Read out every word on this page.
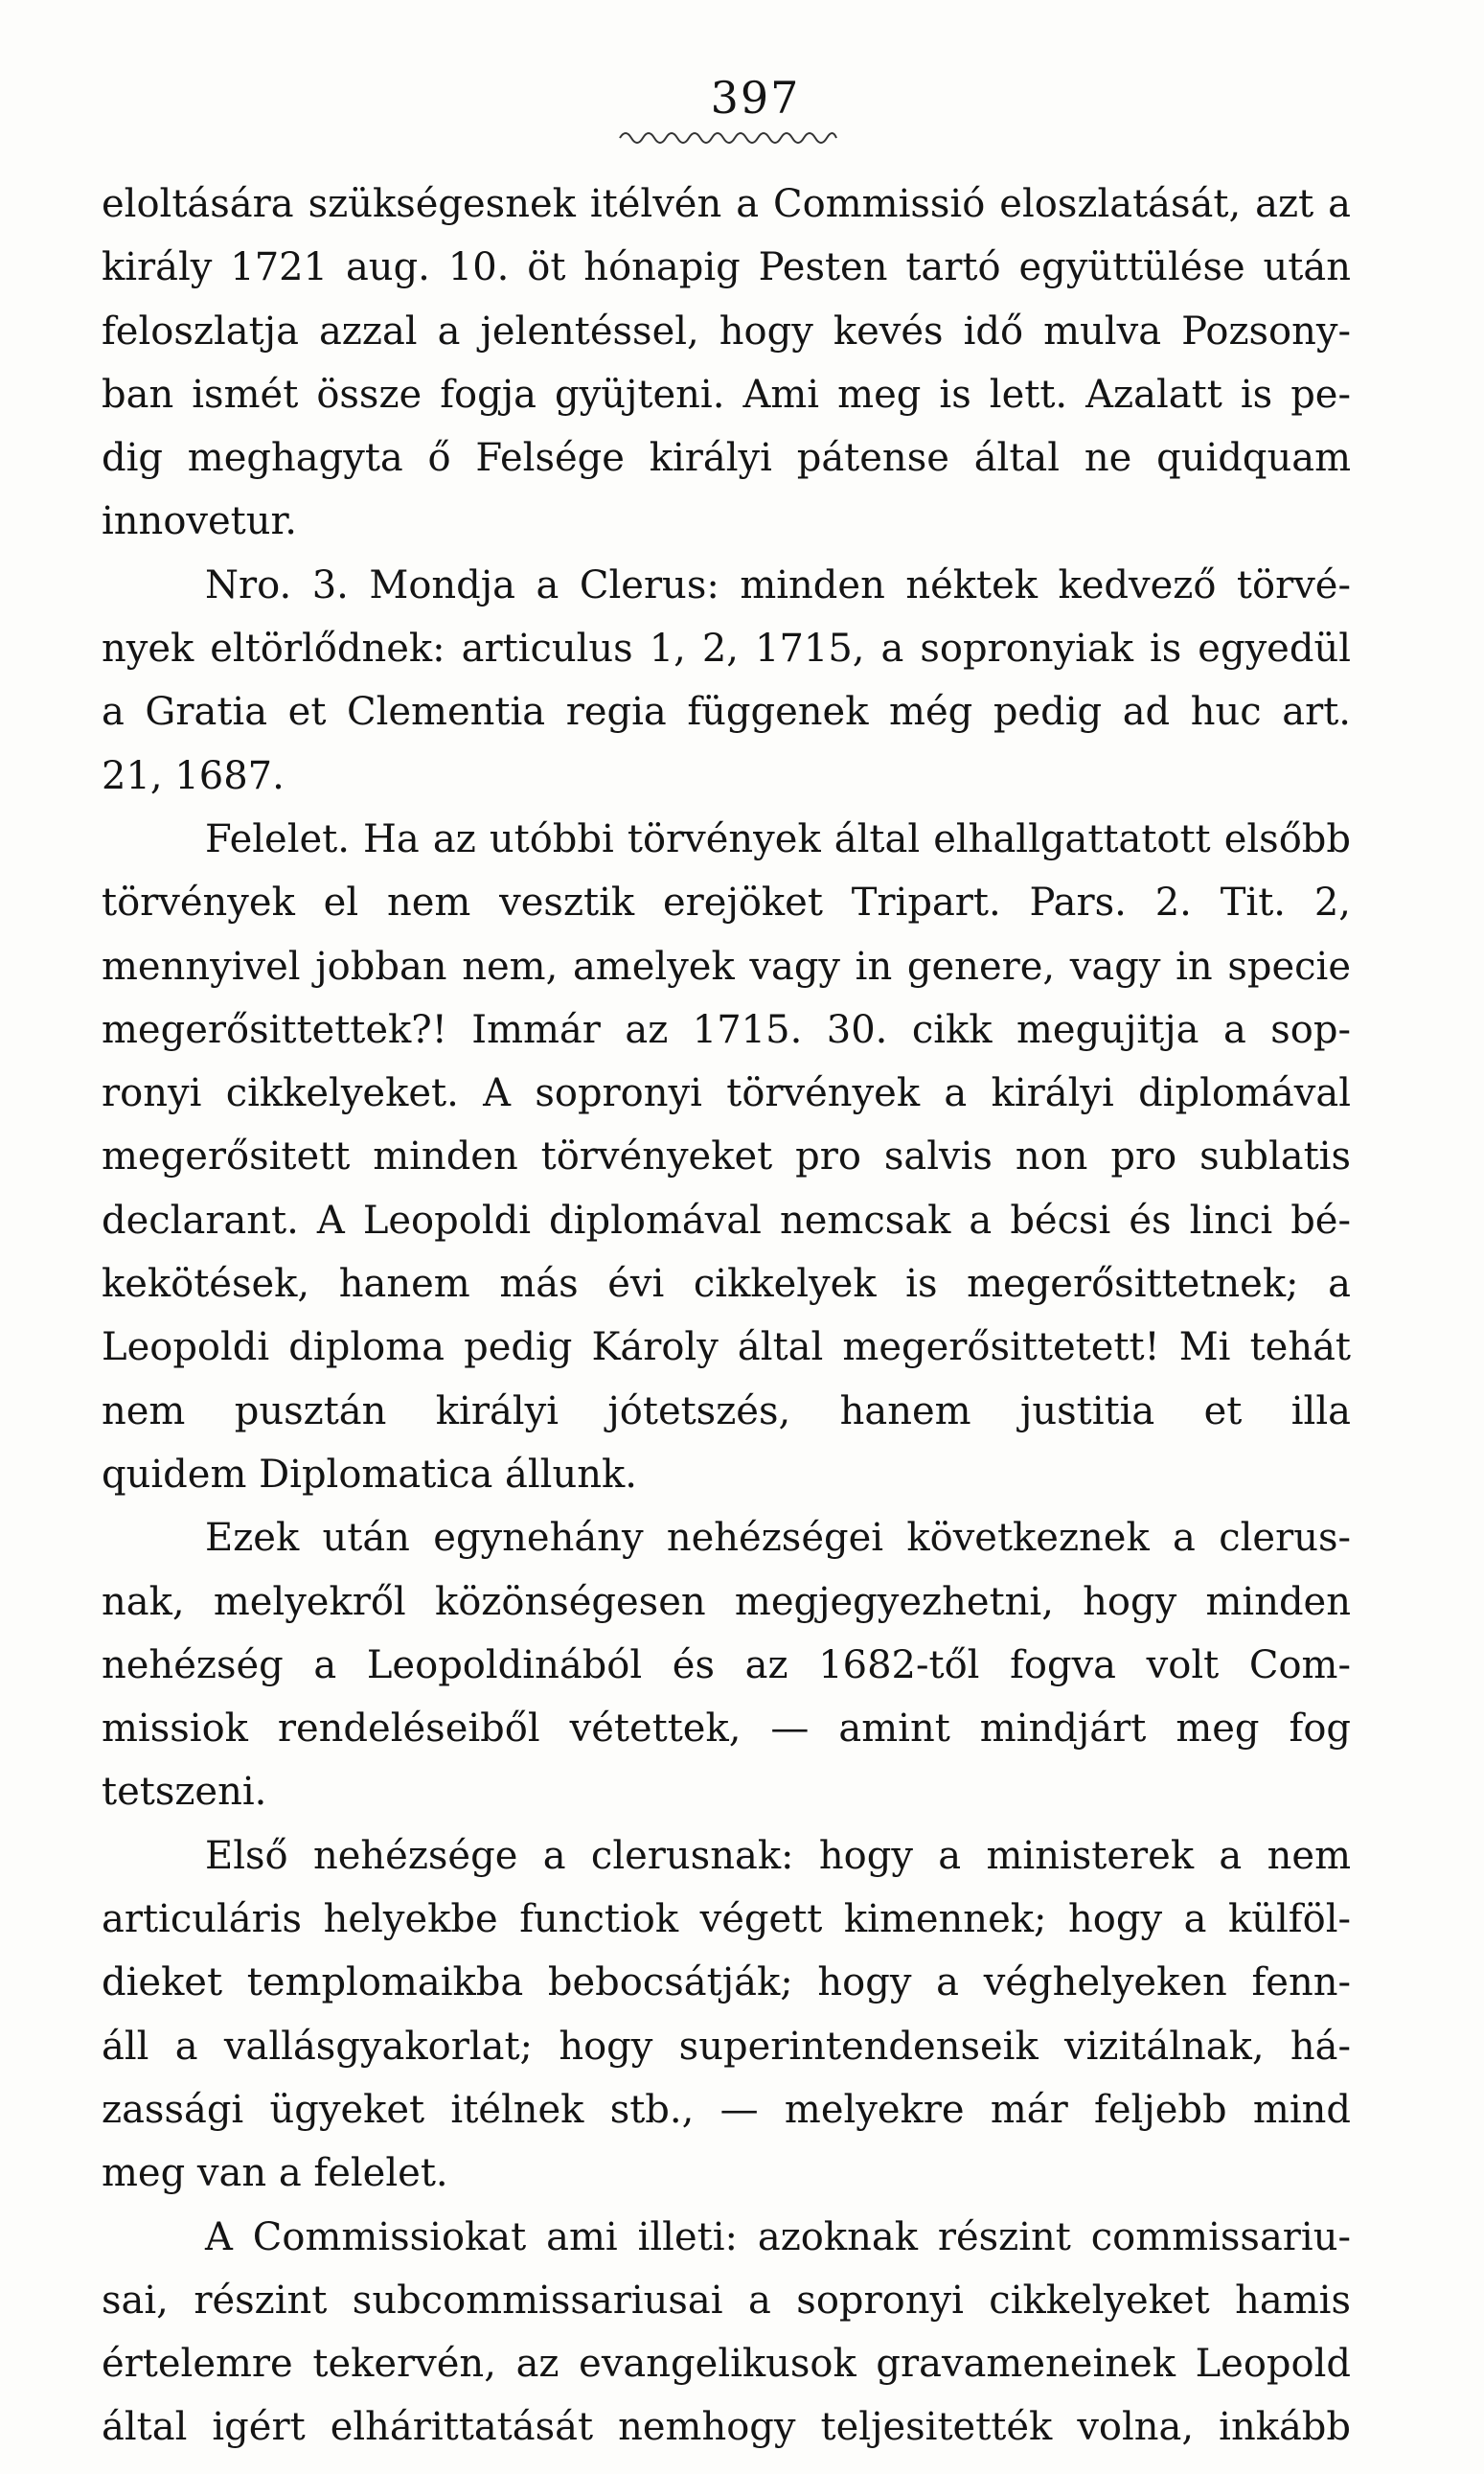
397
eloltására szükségesnek itélvén a Commissió eloszlatását, azt a
király 1721 aug. 10. öt hónapig Pesten tartó együttülése után
feloszlatja azzal a jelentéssel, hogy kevés idő mulva Pozsony-
ban ismét össze fogja gyüjteni. Ami meg is lett. Azalatt is pe-
dig meghagyta ő Felsége királyi pátense által ne quidquam
innovetur.
Nro. 3. Mondja a Clerus: minden néktek kedvező törvé-
nyek eltörlődnek: articulus 1, 2, 1715, a sopronyiak is egyedül
a Gratia et Clementia regia függenek még pedig ad huc art.
21, 1687.
Felelet. Ha az utóbbi törvények által elhallgattatott elsőbb
törvények el nem vesztik erejöket Tripart. Pars. 2. Tit. 2,
mennyivel jobban nem, amelyek vagy in genere, vagy in specie
megerősittettek?! Immár az 1715. 30. cikk megujitja a sop-
ronyi cikkelyeket. A sopronyi törvények a királyi diplomával
megerősitett minden törvényeket pro salvis non pro sublatis
declarant. A Leopoldi diplomával nemcsak a bécsi és linci bé-
kekötések, hanem más évi cikkelyek is megerősittetnek; a
Leopoldi diploma pedig Károly által megerősittetett! Mi tehát
nem pusztán királyi jótetszés, hanem justitia et illa
quidem Diplomatica állunk.
Ezek után egynehány nehézségei következnek a clerus-
nak, melyekről közönségesen megjegyezhetni, hogy minden
nehézség a Leopoldinából és az 1682-től fogva volt Com-
missiok rendeléseiből vétettek, — amint mindjárt meg fog
tetszeni.
Első nehézsége a clerusnak: hogy a ministerek a nem
articuláris helyekbe functiok végett kimennek; hogy a külföl-
dieket templomaikba bebocsátják; hogy a véghelyeken fenn-
áll a vallásgyakorlat; hogy superintendenseik vizitálnak, há-
zassági ügyeket itélnek stb., — melyekre már feljebb mind
meg van a felelet.
A Commissiokat ami illeti: azoknak részint commissariu-
sai, részint subcommissariusai a sopronyi cikkelyeket hamis
értelemre tekervén, az evangelikusok gravameneinek Leopold
által igért elhárittatását nemhogy teljesitették volna, inkább
